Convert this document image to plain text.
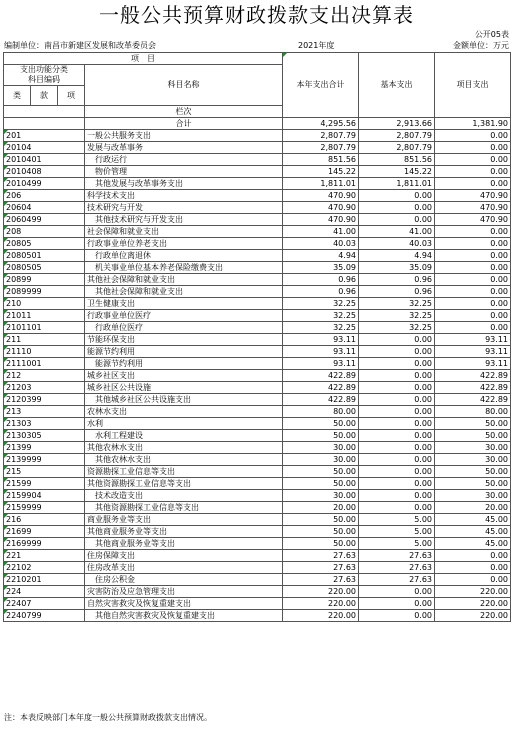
一般公共预算财政拨款支出决算表
公开05表
编制单位：南昌市新建区发展和改革委员会	2021年度	金额单位：万元
项　目				本年支出合计	基本支出	项目支出	
支出功能分类
科目编码			科目名称				
类	款	项					
			栏次			
			合计	4,295.56	2,913.66	1,381.90	
201			一般公共服务支出	2,807.79	2,807.79	0.00	
20104			发展与改革事务	2,807.79	2,807.79	0.00	
2010401			　行政运行	851.56	851.56	0.00	
2010408			　物价管理	145.22	145.22	0.00	
2010499			　其他发展与改革事务支出	1,811.01	1,811.01	0.00	
206			科学技术支出	470.90	0.00	470.90	
20604			技术研究与开发	470.90	0.00	470.90	
2060499			　其他技术研究与开发支出	470.90	0.00	470.90	
208			社会保障和就业支出	41.00	41.00	0.00	
20805			行政事业单位养老支出	40.03	40.03	0.00	
2080501			　行政单位离退休	4.94	4.94	0.00	
2080505			　机关事业单位基本养老保险缴费支出	35.09	35.09	0.00	
20899			其他社会保障和就业支出	0.96	0.96	0.00	
2089999			　其他社会保障和就业支出	0.96	0.96	0.00	
210			卫生健康支出	32.25	32.25	0.00	
21011			行政事业单位医疗	32.25	32.25	0.00	
2101101			　行政单位医疗	32.25	32.25	0.00	
211			节能环保支出	93.11	0.00	93.11	
21110			能源节约利用	93.11	0.00	93.11	
2111001			　能源节约利用	93.11	0.00	93.11	
212			城乡社区支出	422.89	0.00	422.89	
21203			城乡社区公共设施	422.89	0.00	422.89	
2120399			　其他城乡社区公共设施支出	422.89	0.00	422.89	
213			农林水支出	80.00	0.00	80.00	
21303			水利	50.00	0.00	50.00	
2130305			　水利工程建设	50.00	0.00	50.00	
21399			其他农林水支出	30.00	0.00	30.00	
2139999			　其他农林水支出	30.00	0.00	30.00	
215			资源勘探工业信息等支出	50.00	0.00	50.00	
21599			其他资源勘探工业信息等支出	50.00	0.00	50.00	
2159904			　技术改造支出	30.00	0.00	30.00	
2159999			　其他资源勘探工业信息等支出	20.00	0.00	20.00	
216			商业服务业等支出	50.00	5.00	45.00	
21699			其他商业服务业等支出	50.00	5.00	45.00	
2169999			　其他商业服务业等支出	50.00	5.00	45.00	
221			住房保障支出	27.63	27.63	0.00	
22102			住房改革支出	27.63	27.63	0.00	
2210201			　住房公积金	27.63	27.63	0.00	
224			灾害防治及应急管理支出	220.00	0.00	220.00	
22407			自然灾害救灾及恢复重建支出	220.00	0.00	220.00	
2240799			　其他自然灾害救灾及恢复重建支出	220.00	0.00	220.00	
注：本表反映部门本年度一般公共预算财政拨款支出情况。
